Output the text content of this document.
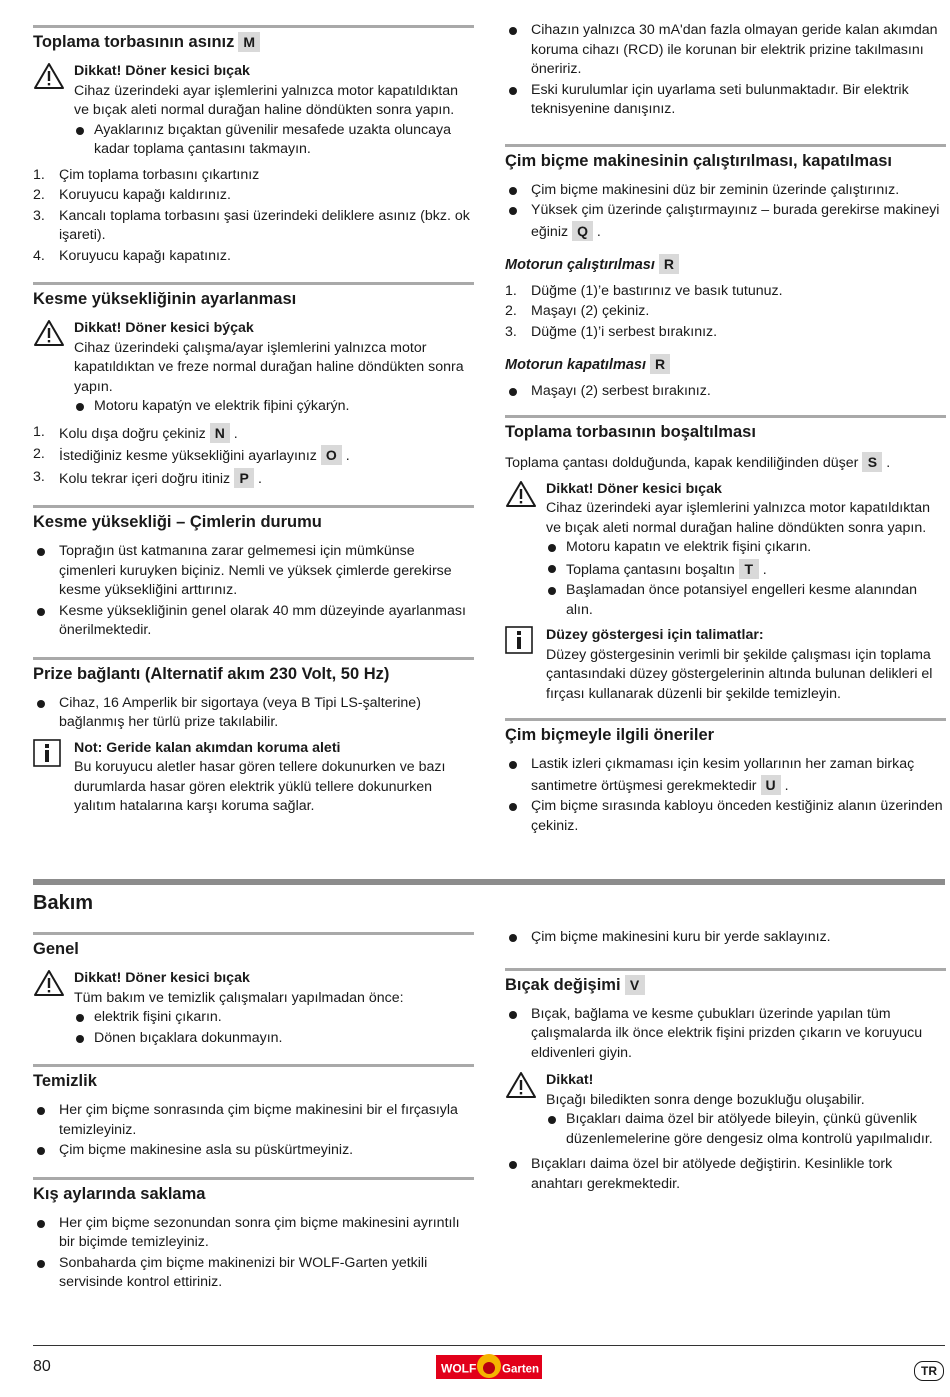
Toplama torbasının asınız M
Dikkat! Döner kesici bıçak
Cihaz üzerindeki ayar işlemlerini yalnızca motor kapatıldıktan ve bıçak aleti normal durağan haline döndükten sonra yapın.
Ayaklarınız bıçaktan güvenilir mesafede uzakta oluncaya kadar toplama çantasını takmayın.
1. Çim toplama torbasını çıkartınız
2. Koruyucu kapağı kaldırınız.
3. Kancalı toplama torbasını şasi üzerindeki deliklere asınız (bkz. ok işareti).
4. Koruyucu kapağı kapatınız.
Kesme yüksekliğinin ayarlanması
Dikkat! Döner kesici býçak
Cihaz üzerindeki çalışma/ayar işlemlerini yalnızca motor kapatıldıktan ve freze normal durağan haline döndükten sonra yapın.
Motoru kapatýn ve elektrik fiþini çýkarýn.
1. Kolu dışa doğru çekiniz N .
2. İstediğiniz kesme yüksekliğini ayarlayınız O .
3. Kolu tekrar içeri doğru itiniz P .
Kesme yüksekliği – Çimlerin durumu
Toprağın üst katmanına zarar gelmemesi için mümkünse çimenleri kuruyken biçiniz. Nemli ve yüksek çimlerde gerekirse kesme yüksekliğini arttırınız.
Kesme yüksekliğinin genel olarak 40 mm düzeyinde ayarlanması önerilmektedir.
Prize bağlantı (Alternatif akım 230 Volt, 50 Hz)
Cihaz, 16 Amperlik bir sigortaya (veya B Tipi LS-şalterine) bağlanmış her türlü prize takılabilir.
Not: Geride kalan akımdan koruma aleti
Bu koruyucu aletler hasar gören tellere dokunurken ve bazı durumlarda hasar gören elektrik yüklü tellere dokunurken yalıtım hatalarına karşı koruma sağlar.
Cihazın yalnızca 30 mA'dan fazla olmayan geride kalan akımdan koruma cihazı (RCD) ile korunan bir elektrik prizine takılmasını öneririz.
Eski kurulumlar için uyarlama seti bulunmaktadır. Bir elektrik teknisyenine danışınız.
Çim biçme makinesinin çalıştırılması, kapatılması
Çim biçme makinesini düz bir zeminin üzerinde çalıştırınız.
Yüksek çim üzerinde çalıştırmayınız – burada gerekirse makineyi eğiniz Q .
Motorun çalıştırılması R
1. Düğme (1)’e bastırınız ve basık tutunuz.
2. Maşayı (2) çekiniz.
3. Düğme (1)’i serbest bırakınız.
Motorun kapatılması R
Maşayı (2) serbest bırakınız.
Toplama torbasının boşaltılması

Toplama çantası dolduğunda, kapak kendiliğinden düşer S .

Dikkat! Döner kesici bıçak
Cihaz üzerindeki ayar işlemlerini yalnızca motor kapatıldıktan ve bıçak aleti normal durağan haline döndükten sonra yapın.
Motoru kapatın ve elektrik fişini çıkarın.
Toplama çantasını boşaltın T .
Başlamadan önce potansiyel engelleri kesme alanından alın.
Düzey göstergesi için talimatlar:
Düzey göstergesinin verimli bir şekilde çalışması için toplama çantasındaki düzey göstergelerinin altında bulunan delikleri el fırçası kullanarak düzenli bir şekilde temizleyin.
Çim biçmeyle ilgili öneriler
Lastik izleri çıkmaması için kesim yollarının her zaman birkaç santimetre örtüşmesi gerekmektedir U .
Çim biçme sırasında kabloyu önceden kestiğiniz alanın üzerinden çekiniz.
Bakım
Genel
Dikkat! Döner kesici bıçak
Tüm bakım ve temizlik çalışmaları yapılmadan önce:
elektrik fişini çıkarın.
Dönen bıçaklara dokunmayın.
Temizlik
Her çim biçme sonrasında çim biçme makinesini bir el fırçasıyla temizleyiniz.
Çim biçme makinesine asla su püskürtmeyiniz.
Kış aylarında saklama
Her çim biçme sezonundan sonra çim biçme makinesini ayrıntılı bir biçimde temizleyiniz.
Sonbaharda çim biçme makinenizi bir WOLF-Garten yetkili servisinde kontrol ettiriniz.
Çim biçme makinesini kuru bir yerde saklayınız.
Bıçak değişimi V
Bıçak, bağlama ve kesme çubukları üzerinde yapılan tüm çalışmalarda ilk önce elektrik fişini prizden çıkarın ve koruyucu eldivenleri giyin.
Dikkat!
Bıçağı biledikten sonra denge bozukluğu oluşabilir.
Bıçakları daima özel bir atölyede bileyin, çünkü güvenlik düzenlemelerine göre dengesiz olma kontrolü yapılmalıdır.
Bıçakları daima özel bir atölyede değiştirin. Kesinlikle tork anahtarı gerekmektedir.
80	WOLF Garten	TR
